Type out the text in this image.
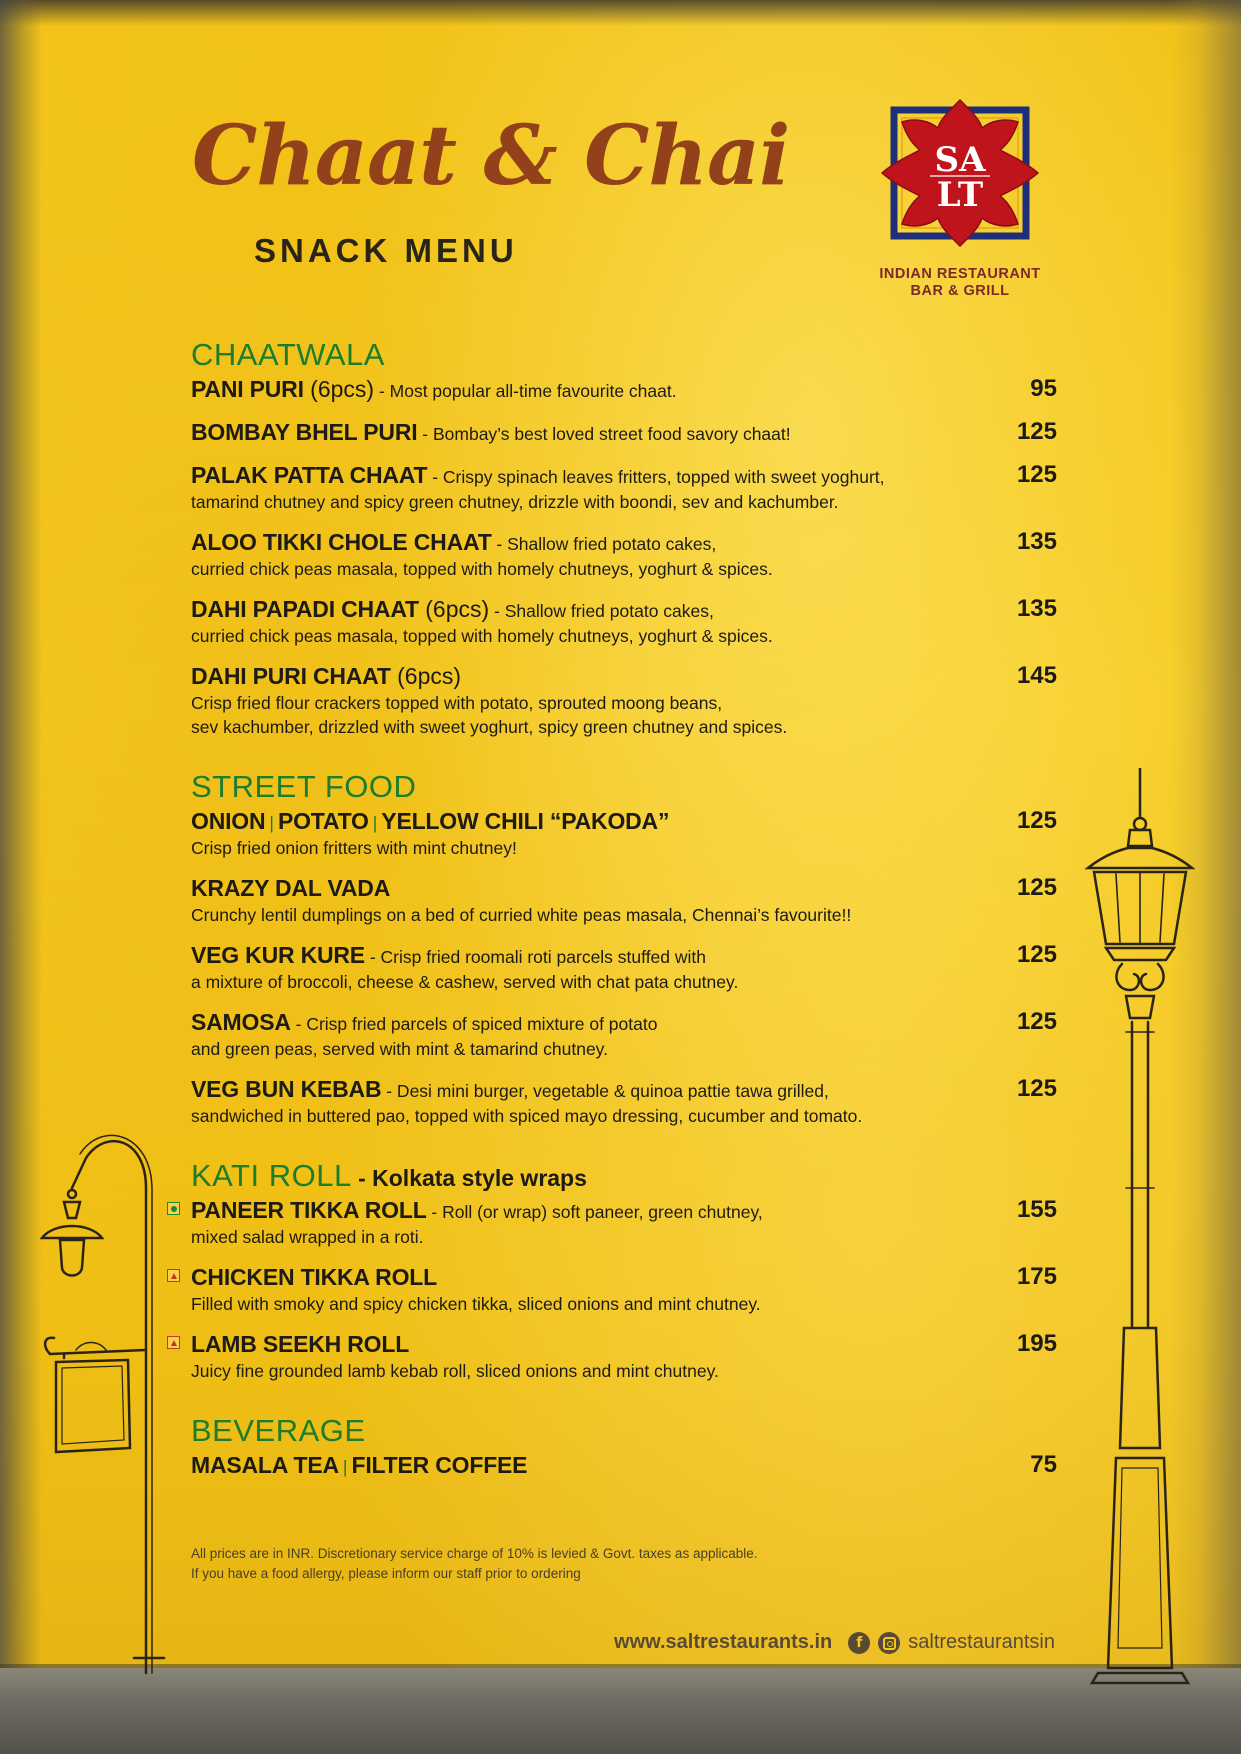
Chaat & Chai
SNACK MENU
SA
LT
INDIAN RESTAURANT
BAR & GRILL
CHAATWALA
PANI PURI (6pcs) - Most popular all-time favourite chaat.	95
BOMBAY BHEL PURI - Bombay’s best loved street food savory chaat!	125
PALAK PATTA CHAAT - Crispy spinach leaves fritters, topped with sweet yoghurt,
tamarind chutney and spicy green chutney, drizzle with boondi, sev and kachumber.
125
ALOO TIKKI CHOLE CHAAT - Shallow fried potato cakes,
curried chick peas masala, topped with homely chutneys, yoghurt & spices.
135
DAHI PAPADI CHAAT (6pcs) - Shallow fried potato cakes,
curried chick peas masala, topped with homely chutneys, yoghurt & spices.
135
DAHI PURI CHAAT (6pcs)
Crisp fried flour crackers topped with potato, sprouted moong beans,
sev kachumber, drizzled with sweet yoghurt, spicy green chutney and spices.
145
STREET FOOD
ONION | POTATO | YELLOW CHILI “PAKODA”
Crisp fried onion fritters with mint chutney!
125
KRAZY DAL VADA
Crunchy lentil dumplings on a bed of curried white peas masala, Chennai’s favourite!!
125
VEG KUR KURE - Crisp fried roomali roti parcels stuffed with
a mixture of broccoli, cheese & cashew, served with chat pata chutney.
125
SAMOSA - Crisp fried parcels of spiced mixture of potato
and green peas, served with mint & tamarind chutney.
125
VEG BUN KEBAB - Desi mini burger, vegetable & quinoa pattie tawa grilled,
sandwiched in buttered pao, topped with spiced mayo dressing, cucumber and tomato.
125
KATI ROLL - Kolkata style wraps
PANEER TIKKA ROLL - Roll (or wrap) soft paneer, green chutney,
mixed salad wrapped in a roti.
155
CHICKEN TIKKA ROLL
Filled with smoky and spicy chicken tikka, sliced onions and mint chutney.
175
LAMB SEEKH ROLL
Juicy fine grounded lamb kebab roll, sliced onions and mint chutney.
195
BEVERAGE
MASALA TEA | FILTER COFFEE	75
All prices are in INR. Discretionary service charge of 10% is levied & Govt. taxes as applicable.
If you have a food allergy, please inform our staff prior to ordering
www.saltrestaurants.in	f	saltrestaurantsin
